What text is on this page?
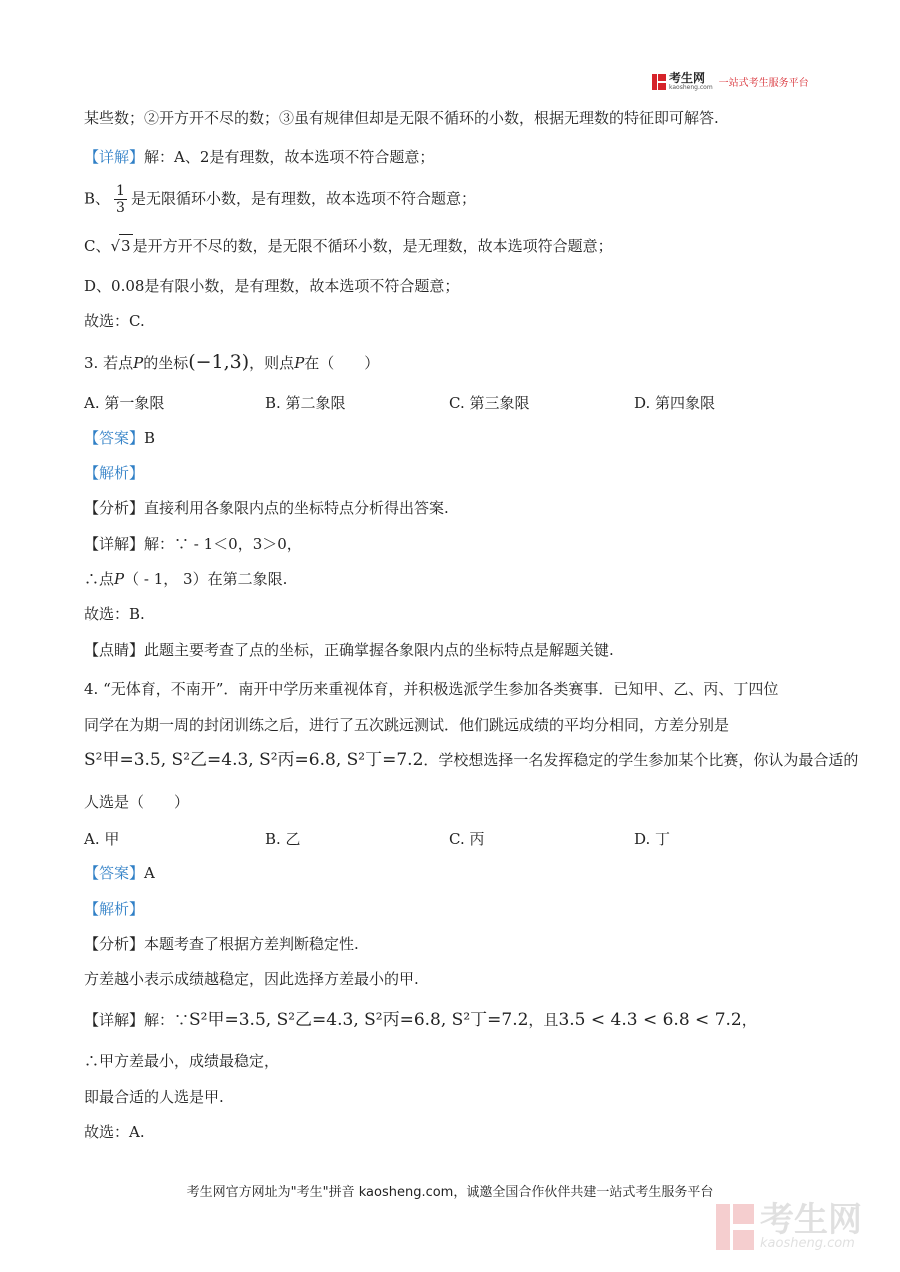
考生网
kaosheng.com 一站式考生服务平台
某些数；②开方开不尽的数；③虽有规律但却是无限不循环的小数，根据无理数的特征即可解答.
【详解】解：A、2是有理数，故本选项不符合题意；
B、 $\frac{1}{3}$ 是无限循环小数，是有理数，故本选项不符合题意；
C、√3 是开方开不尽的数，是无限不循环小数，是无理数，故本选项符合题意；
D、0.08是有限小数，是有理数，故本选项不符合题意；
故选：C.
3. 若点P的坐标(−1,3)，则点P在（　　）
A. 第一象限	B. 第二象限	C. 第三象限	D. 第四象限
【答案】B
【解析】
【分析】直接利用各象限内点的坐标特点分析得出答案.
【详解】解：∵ - 1＜0，3＞0，
∴点P（ - 1， 3）在第二象限.
故选：B.
【点睛】此题主要考查了点的坐标，正确掌握各象限内点的坐标特点是解题关键.
4. “无体育，不南开”．南开中学历来重视体育，并积极选派学生参加各类赛事．已知甲、乙、丙、丁四位
同学在为期一周的封闭训练之后，进行了五次跳远测试．他们跳远成绩的平均分相同，方差分别是
S²甲=3.5, S²乙=4.3, S²丙=6.8, S²丁=7.2．学校想选择一名发挥稳定的学生参加某个比赛，你认为最合适的
人选是（　　）
A. 甲	B. 乙	C. 丙	D. 丁
【答案】A
【解析】
【分析】本题考查了根据方差判断稳定性.
方差越小表示成绩越稳定，因此选择方差最小的甲.
【详解】解：∵S²甲=3.5, S²乙=4.3, S²丙=6.8, S²丁=7.2，且3.5 < 4.3 < 6.8 < 7.2，
∴甲方差最小，成绩最稳定，
即最合适的人选是甲.
故选：A.
考生网官方网址为"考生"拼音 kaosheng.com，诚邀全国合作伙伴共建一站式考生服务平台
考生网
kaosheng.com
